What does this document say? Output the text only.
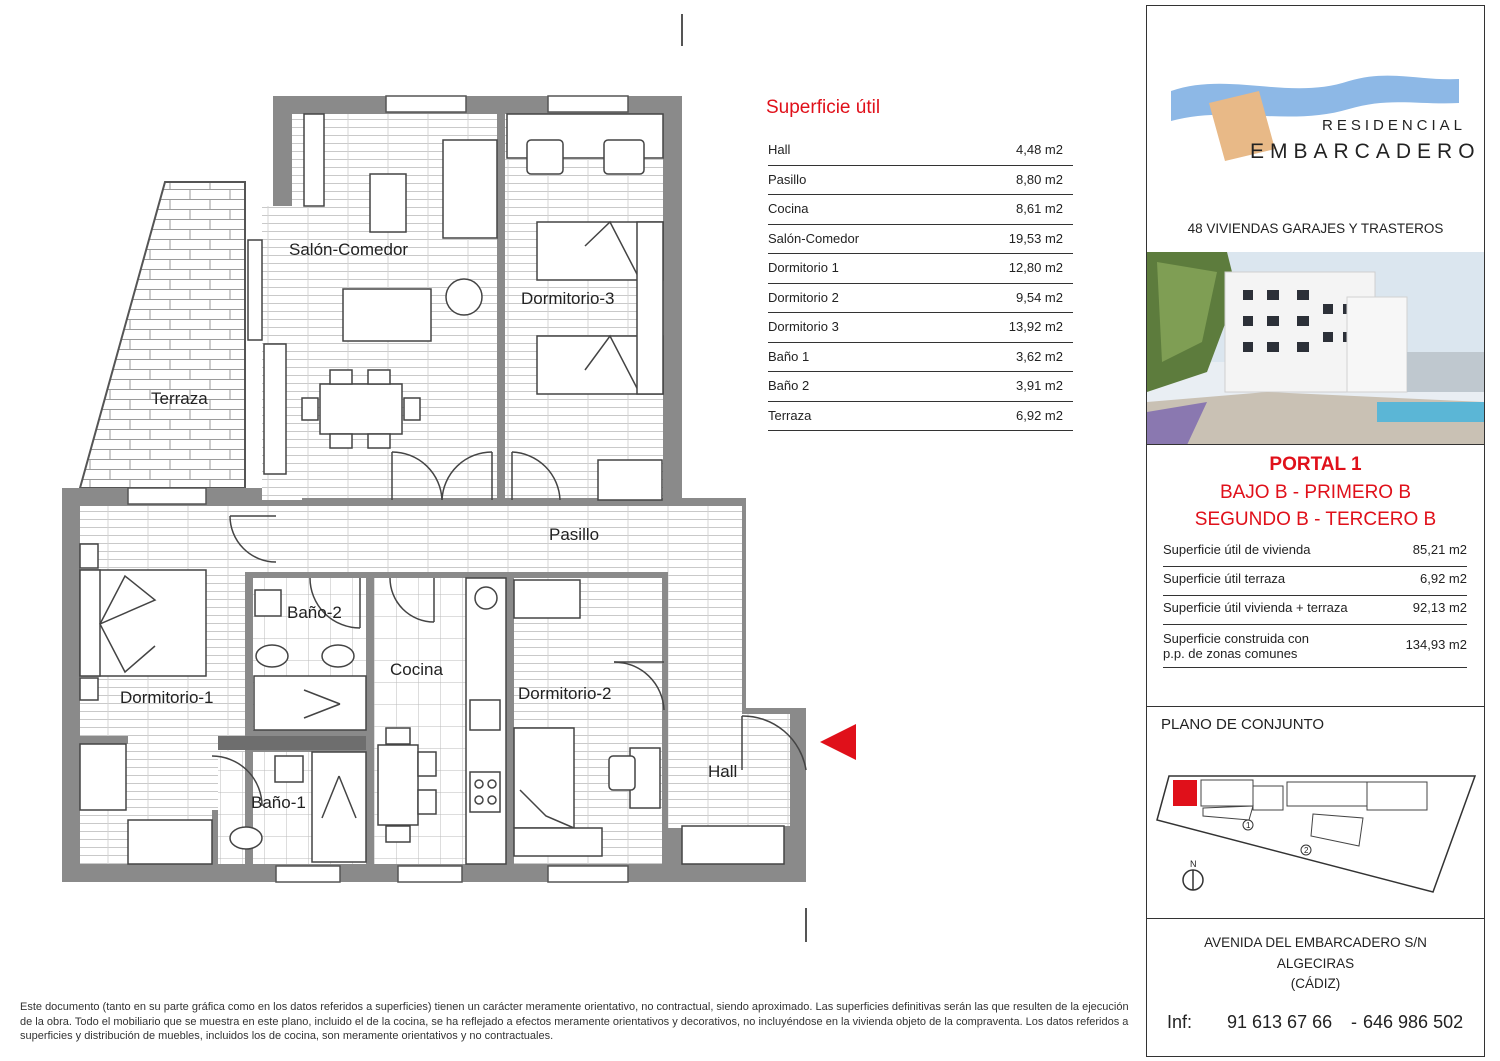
Salón-Comedor
Dormitorio-3
Terraza
Pasillo
Baño-2
Cocina
Dormitorio-1	Dormitorio-2
Baño-1
Hall
Superficie útil
Hall	4,48 m2
Pasillo	8,80 m2
Cocina	8,61 m2
Salón-Comedor	19,53 m2
Dormitorio 1	12,80 m2
Dormitorio 2	9,54 m2
Dormitorio 3	13,92 m2
Baño 1	3,62 m2
Baño 2	3,91 m2
Terraza	6,92 m2
RESIDENCIAL
EMBARCADERO
48 VIVIENDAS GARAJES Y TRASTEROS
PORTAL 1
BAJO B - PRIMERO B
SEGUNDO B - TERCERO B
Superficie útil de vivienda	85,21 m2
Superficie útil terraza	6,92 m2
Superficie útil vivienda + terraza	92,13 m2
Superficie construida con
p.p. de zonas comunes
134,93 m2
PLANO DE CONJUNTO
N
1
2
AVENIDA DEL EMBARCADERO S/N
ALGECIRAS
(CÁDIZ)
Inf: 91 613 67 66 - 646 986 502
Este documento (tanto en su parte gráfica como en los datos referidos a superficies) tienen un carácter meramente orientativo, no contractual, siendo aproximado. Las superficies definitivas serán las que resulten de la ejecución de la obra. Todo el mobiliario que se muestra en este plano, incluido el de la cocina, se ha reflejado a efectos meramente orientativos y decorativos, no incluyéndose en la vivienda objeto de la compraventa. Los datos referidos a superficies y distribución de muebles, incluidos los de cocina, son meramente orientativos y no contractuales.
